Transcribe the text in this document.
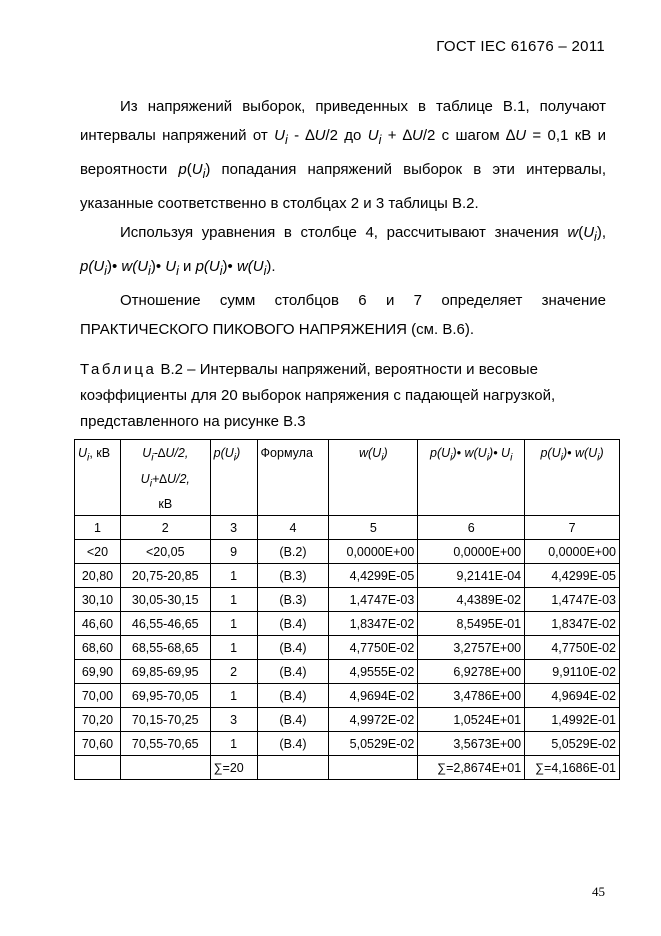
ГОСТ IEC 61676 – 2011

Из напряжений выборок, приведенных в таблице В.1, получают интервалы напряжений от $U_i - \Delta U/2$ до $U_i + \Delta U/2$ с шагом ∆U = 0,1 кВ и вероятности $p(U_i)$ попадания напряжений выборок в эти интервалы, указанные соответственно в столбцах 2 и 3 таблицы В.2.

Используя уравнения в столбце 4, рассчитывают значения $w(U_i)$, $p(U_i)•$ $w(U_i)•$ $U_i$ и $p(U_i)•$ $w(U_i)$.

Отношение сумм столбцов 6 и 7 определяет значение

ПРАКТИЧЕСКОГО ПИКОВОГО НАПРЯЖЕНИЯ (см. В.6).

Таблица В.2 – Интервалы напряжений, вероятности и весовые коэффициенты для 20 выборок напряжения с падающей нагрузкой, представленного на рисунке В.3
$U_i$, кВ	$U_i-\Delta U/2$,
$U_i+\Delta U/2$,
кВ	$p(U_i)$	Формула	$w(U_i)$	$p(U_i)•$ $w(U_i)•$ $U_i$	$p(U_i)•$ $w(U_i)$
1	2	3	4	5	6	7
<20	<20,05	9	(B.2)	0,0000E+00	0,0000E+00	0,0000E+00
20,80	20,75-20,85	1	(B.3)	4,4299E-05	9,2141E-04	4,4299E-05
30,10	30,05-30,15	1	(B.3)	1,4747E-03	4,4389E-02	1,4747E-03
46,60	46,55-46,65	1	(B.4)	1,8347E-02	8,5495E-01	1,8347E-02
68,60	68,55-68,65	1	(B.4)	4,7750E-02	3,2757E+00	4,7750E-02
69,90	69,85-69,95	2	(B.4)	4,9555E-02	6,9278E+00	9,9110E-02
70,00	69,95-70,05	1	(B.4)	4,9694E-02	3,4786E+00	4,9694E-02
70,20	70,15-70,25	3	(B.4)	4,9972E-02	1,0524E+01	1,4992E-01
70,60	70,55-70,65	1	(B.4)	5,0529E-02	3,5673E+00	5,0529E-02
		∑=20			∑=2,8674E+01	∑=4,1686E-01
45
